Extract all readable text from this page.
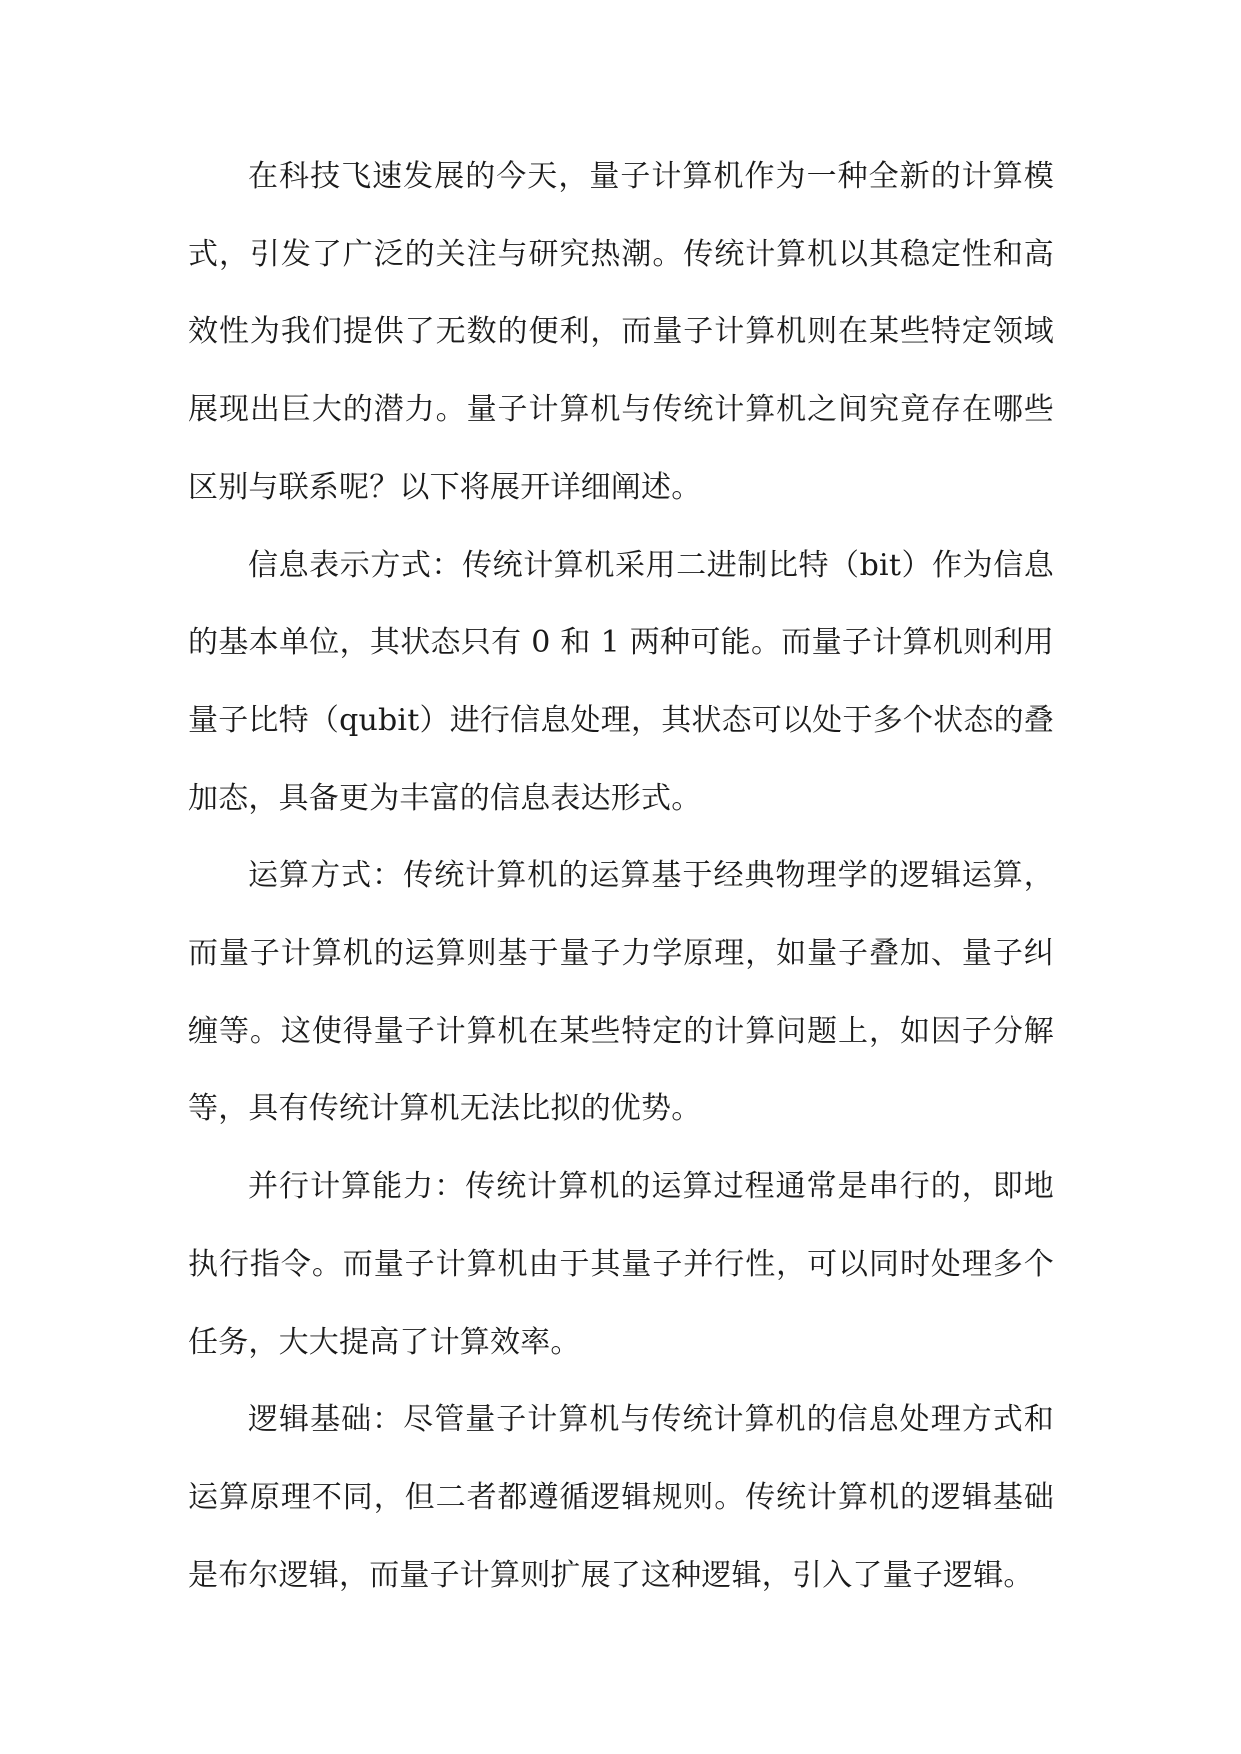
在科技飞速发展的今天，量子计算机作为一种全新的计算模式，引发了广泛的关注与研究热潮。传统计算机以其稳定性和高效性为我们提供了无数的便利，而量子计算机则在某些特定领域展现出巨大的潜力。量子计算机与传统计算机之间究竟存在哪些区别与联系呢？以下将展开详细阐述。

信息表示方式：传统计算机采用二进制比特（bit）作为信息的基本单位，其状态只有 0 和 1 两种可能。而量子计算机则利用量子比特（qubit）进行信息处理，其状态可以处于多个状态的叠加态，具备更为丰富的信息表达形式。

运算方式：传统计算机的运算基于经典物理学的逻辑运算，而量子计算机的运算则基于量子力学原理，如量子叠加、量子纠缠等。这使得量子计算机在某些特定的计算问题上，如因子分解等，具有传统计算机无法比拟的优势。

并行计算能力：传统计算机的运算过程通常是串行的，即地执行指令。而量子计算机由于其量子并行性，可以同时处理多个任务，大大提高了计算效率。

逻辑基础：尽管量子计算机与传统计算机的信息处理方式和运算原理不同，但二者都遵循逻辑规则。传统计算机的逻辑基础是布尔逻辑，而量子计算则扩展了这种逻辑，引入了量子逻辑。
